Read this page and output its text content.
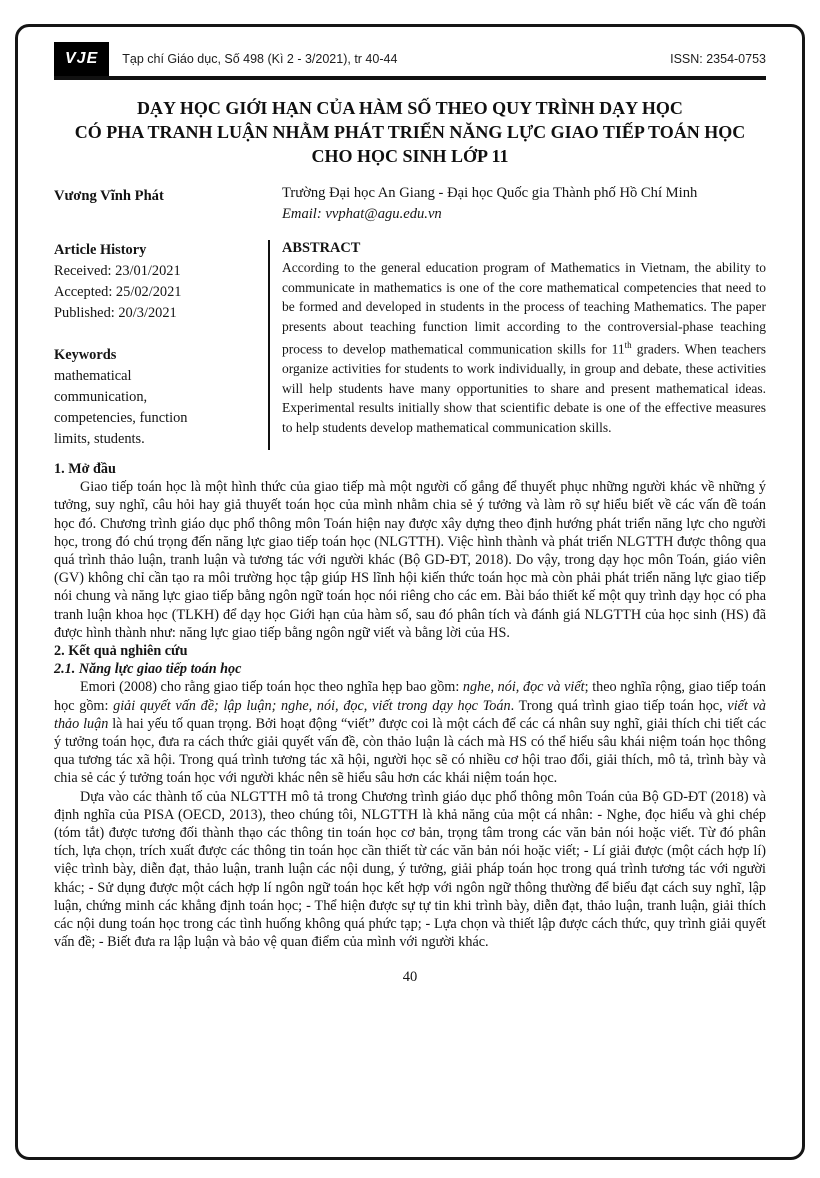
VJE	Tạp chí Giáo dục, Số 498 (Kì 2 - 3/2021), tr 40-44	ISSN: 2354-0753
DẠY HỌC GIỚI HẠN CỦA HÀM SỐ THEO QUY TRÌNH DẠY HỌC
CÓ PHA TRANH LUẬN NHẰM PHÁT TRIỂN NĂNG LỰC GIAO TIẾP TOÁN HỌC
CHO HỌC SINH LỚP 11
Vương Vĩnh Phát	Trường Đại học An Giang - Đại học Quốc gia Thành phố Hồ Chí Minh
Email: vvphat@agu.edu.vn
Article History
Received: 23/01/2021
Accepted: 25/02/2021
Published: 20/3/2021
Keywords
mathematical communication, competencies, function limits, students.
ABSTRACT

According to the general education program of Mathematics in Vietnam, the ability to communicate in mathematics is one of the core mathematical competencies that need to be formed and developed in students in the process of teaching Mathematics. The paper presents about teaching function limit according to the controversial-phase teaching process to develop mathematical communication skills for 11th graders. When teachers organize activities for students to work individually, in group and debate, these activities will help students have many opportunities to share and present mathematical ideas. Experimental results initially show that scientific debate is one of the effective measures to help students develop mathematical communication skills.

1. Mở đầu

Giao tiếp toán học là một hình thức của giao tiếp mà một người cố gắng để thuyết phục những người khác về những ý tưởng, suy nghĩ, câu hỏi hay giả thuyết toán học của mình nhằm chia sẻ ý tưởng và làm rõ sự hiểu biết về các vấn đề toán học đó. Chương trình giáo dục phổ thông môn Toán hiện nay được xây dựng theo định hướng phát triển năng lực cho người học, trong đó chú trọng đến năng lực giao tiếp toán học (NLGTTH). Việc hình thành và phát triển NLGTTH được thông qua quá trình thảo luận, tranh luận và tương tác với người khác (Bộ GD-ĐT, 2018). Do vậy, trong dạy học môn Toán, giáo viên (GV) không chỉ cần tạo ra môi trường học tập giúp HS lĩnh hội kiến thức toán học mà còn phải phát triển năng lực giao tiếp nói chung và năng lực giao tiếp bằng ngôn ngữ toán học nói riêng cho các em. Bài báo thiết kế một quy trình dạy học có pha tranh luận khoa học (TLKH) để dạy học Giới hạn của hàm số, sau đó phân tích và đánh giá NLGTTH của học sinh (HS) đã được hình thành như: năng lực giao tiếp bằng ngôn ngữ viết và bằng lời của HS.

2. Kết quả nghiên cứu
2.1. Năng lực giao tiếp toán học

Emori (2008) cho rằng giao tiếp toán học theo nghĩa hẹp bao gồm: nghe, nói, đọc và viết; theo nghĩa rộng, giao tiếp toán học gồm: giải quyết vấn đề; lập luận; nghe, nói, đọc, viết trong dạy học Toán. Trong quá trình giao tiếp toán học, viết và thảo luận là hai yếu tố quan trọng. Bởi hoạt động “viết” được coi là một cách để các cá nhân suy nghĩ, giải thích chi tiết các ý tưởng toán học, đưa ra cách thức giải quyết vấn đề, còn thảo luận là cách mà HS có thể hiểu sâu khái niệm toán học thông qua tương tác xã hội. Trong quá trình tương tác xã hội, người học sẽ có nhiều cơ hội trao đổi, giải thích, mô tả, trình bày và chia sẻ các ý tưởng toán học với người khác nên sẽ hiểu sâu hơn các khái niệm toán học.

Dựa vào các thành tố của NLGTTH mô tả trong Chương trình giáo dục phổ thông môn Toán của Bộ GD-ĐT (2018) và định nghĩa của PISA (OECD, 2013), theo chúng tôi, NLGTTH là khả năng của một cá nhân: - Nghe, đọc hiểu và ghi chép (tóm tắt) được tương đối thành thạo các thông tin toán học cơ bản, trọng tâm trong các văn bản nói hoặc viết. Từ đó phân tích, lựa chọn, trích xuất được các thông tin toán học cần thiết từ các văn bản nói hoặc viết; - Lí giải được (một cách hợp lí) việc trình bày, diễn đạt, thảo luận, tranh luận các nội dung, ý tưởng, giải pháp toán học trong quá trình tương tác với người khác; - Sử dụng được một cách hợp lí ngôn ngữ toán học kết hợp với ngôn ngữ thông thường để biểu đạt cách suy nghĩ, lập luận, chứng minh các khẳng định toán học; - Thể hiện được sự tự tin khi trình bày, diễn đạt, thảo luận, tranh luận, giải thích các nội dung toán học trong các tình huống không quá phức tạp; - Lựa chọn và thiết lập được cách thức, quy trình giải quyết vấn đề; - Biết đưa ra lập luận và bảo vệ quan điểm của mình với người khác.

40
